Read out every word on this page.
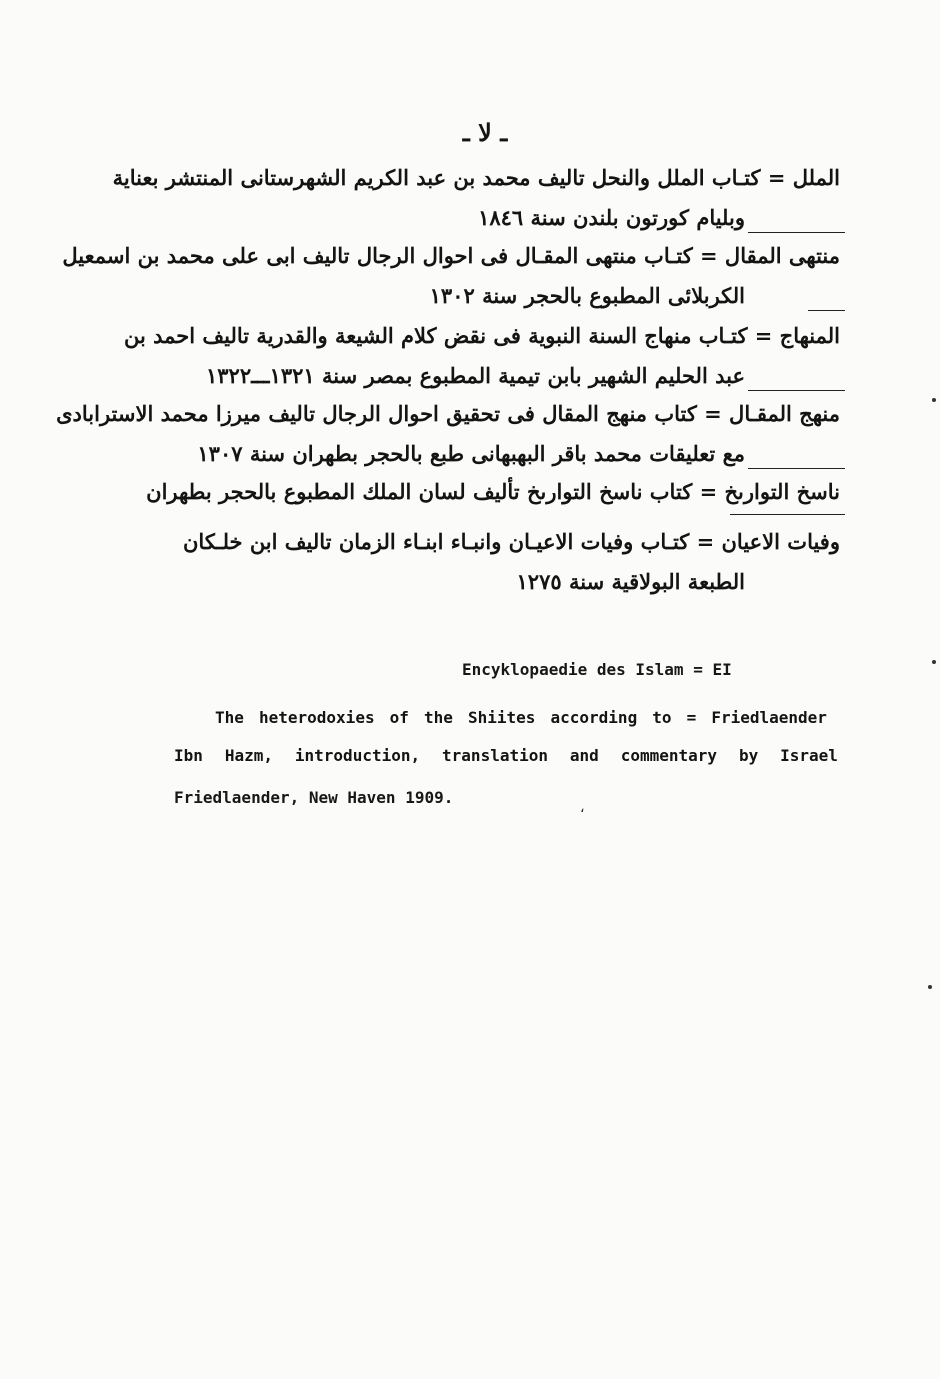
ـ لا ـ
الملل = كتـاب الملل والنحل تاليف محمد بن عبد الكريم الشهرستانى المنتشر بعناية
وبليام كورتون بلندن سنة ١٨٤٦
منتهى المقال = كتـاب منتهى المقـال فى احوال الرجال تاليف ابى على محمد بن اسمعيل
الكربلائى المطبوع بالحجر سنة ١٣٠٢
المنهاج = كتـاب منهاج السنة النبوية فى نقض كلام الشيعة والقدرية تاليف احمد بن
عبد الحليم الشهير بابن تيمية المطبوع بمصر سنة ١٣٢١ـــ١٣٢٢
منهج المقـال = كتاب منهج المقال فى تحقيق احوال الرجال تاليف ميرزا محمد الاسترابادى
مع تعليقات محمد باقر البهبهانى طبع بالحجر بطهران سنة ١٣٠٧
ناسخ التوارىخ = كتاب ناسخ التوارىخ تأليف لسان الملك المطبوع بالحجر بطهران
وفيات الاعيان = كتـاب وفيات الاعيـان وانبـاء ابنـاء الزمان تاليف ابن خلـكان
الطبعة البولاقية سنة ١٢٧٥
Encyklopaedie des Islam = EI
The heterodoxies of the Shiites according to = Friedlaender
Ibn Hazm, introduction, translation and commentary by Israel
Friedlaender, New Haven 1909.
،
